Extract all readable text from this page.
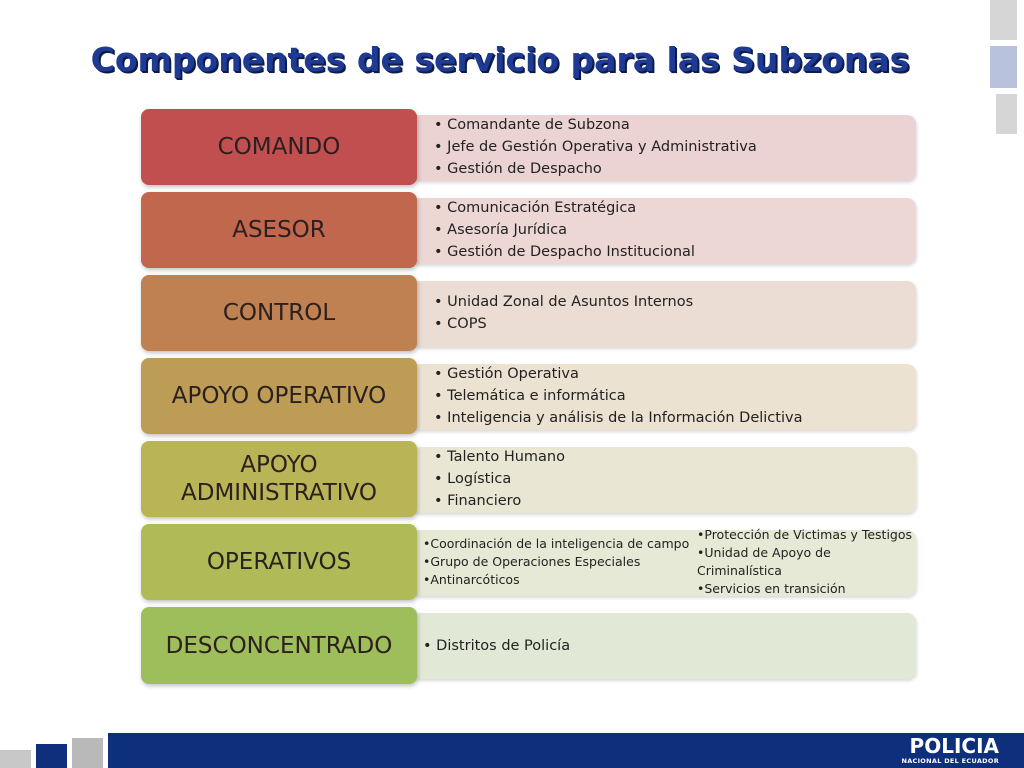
Componentes de servicio para las Subzonas
COMANDO
• Comandante de Subzona
• Jefe de Gestión Operativa y Administrativa
• Gestión de Despacho
ASESOR
• Comunicación Estratégica
• Asesoría Jurídica
• Gestión de Despacho Institucional
CONTROL	• Unidad Zonal de Asuntos Internos
• COPS
APOYO OPERATIVO
• Gestión Operativa
• Telemática e informática
• Inteligencia y análisis de la Información Delictiva
APOYO
ADMINISTRATIVO
• Talento Humano
• Logística
• Financiero
OPERATIVOS
• Coordinación de la inteligencia de campo
• Grupo de Operaciones Especiales
• Antinarcóticos
• Protección de Victimas y Testigos
• Unidad de Apoyo de Criminalística
• Servicios en transición
DESCONCENTRADO	• Distritos de Policía
POLICIA
NACIONAL DEL ECUADOR
